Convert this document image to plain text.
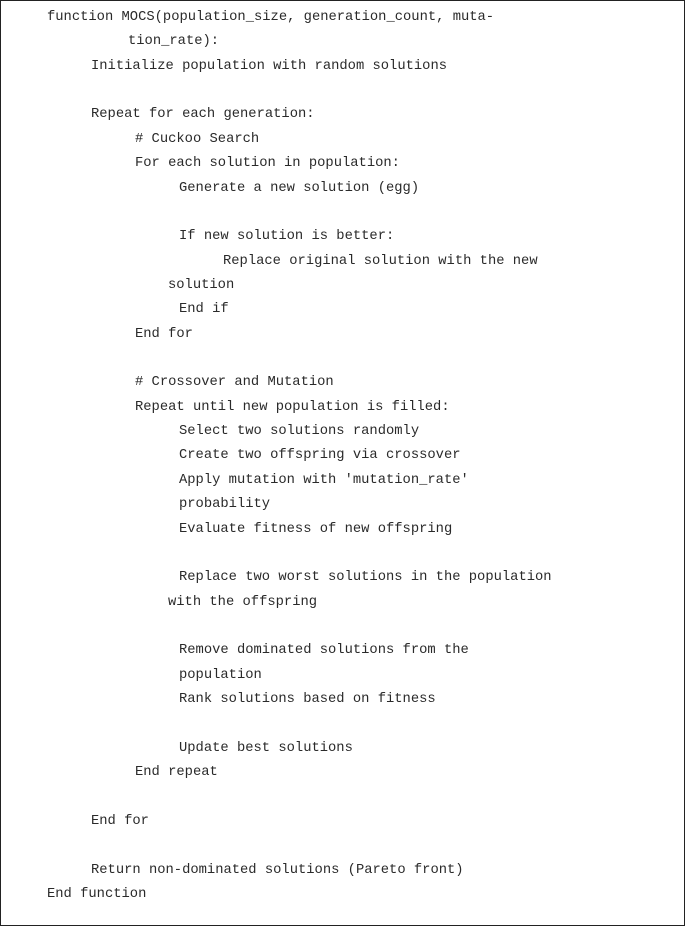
function MOCS(population_size, generation_count, muta-
tion_rate):
Initialize population with random solutions
Repeat for each generation:
# Cuckoo Search
For each solution in population:
Generate a new solution (egg)
If new solution is better:
Replace original solution with the new
solution
End if
End for
# Crossover and Mutation
Repeat until new population is filled:
Select two solutions randomly
Create two offspring via crossover
Apply mutation with 'mutation_rate'
probability
Evaluate fitness of new offspring
Replace two worst solutions in the population
with the offspring
Remove dominated solutions from the
population
Rank solutions based on fitness
Update best solutions
End repeat
End for
Return non-dominated solutions (Pareto front)
End function
